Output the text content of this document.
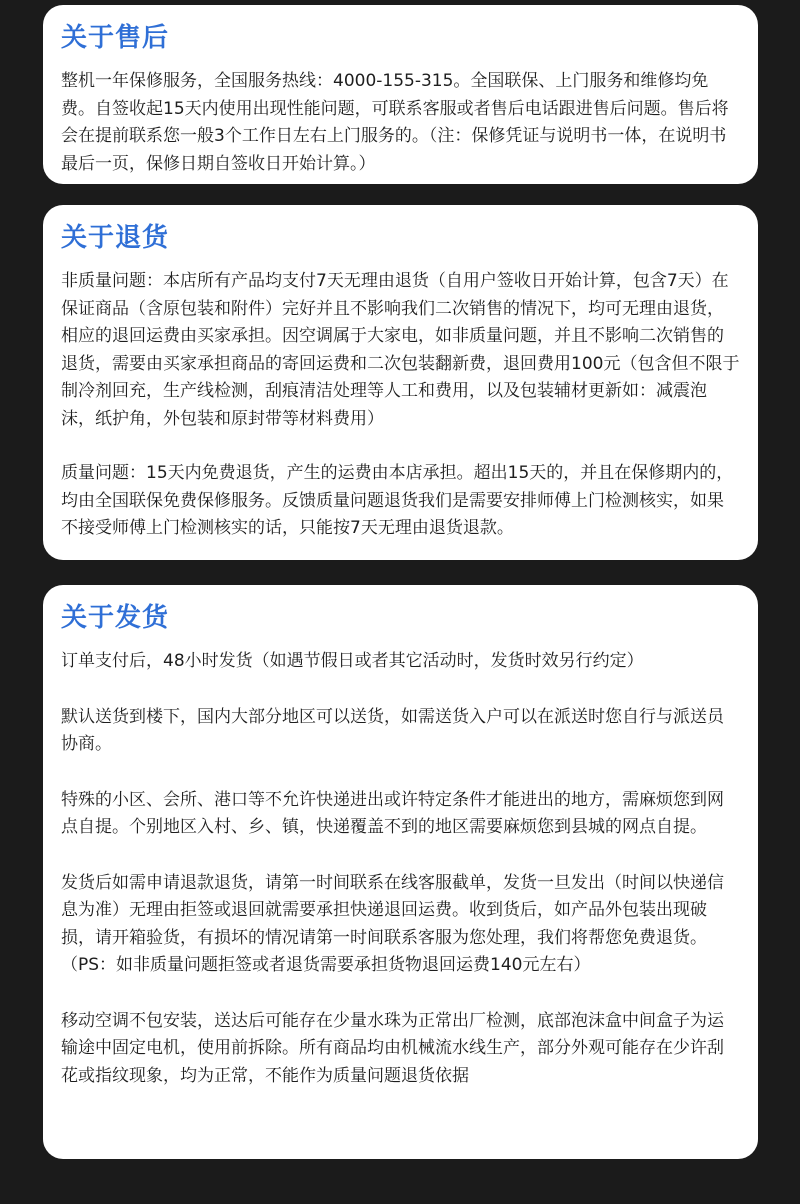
关于售后

整机一年保修服务，全国服务热线：4000-155-315。全国联保、上门服务和维修均免费。自签收起15天内使用出现性能问题，可联系客服或者售后电话跟进售后问题。售后将会在提前联系您一般3个工作日左右上门服务的。（注：保修凭证与说明书一体，在说明书最后一页，保修日期自签收日开始计算。）

关于退货

非质量问题：本店所有产品均支付7天无理由退货（自用户签收日开始计算，包含7天）在保证商品（含原包装和附件）完好并且不影响我们二次销售的情况下，均可无理由退货，相应的退回运费由买家承担。因空调属于大家电，如非质量问题，并且不影响二次销售的退货，需要由买家承担商品的寄回运费和二次包装翻新费，退回费用100元（包含但不限于制冷剂回充，生产线检测，刮痕清洁处理等人工和费用，以及包装辅材更新如：减震泡沫，纸护角，外包装和原封带等材料费用）

质量问题：15天内免费退货，产生的运费由本店承担。超出15天的，并且在保修期内的，均由全国联保免费保修服务。反馈质量问题退货我们是需要安排师傅上门检测核实，如果不接受师傅上门检测核实的话，只能按7天无理由退货退款。

关于发货

订单支付后，48小时发货（如遇节假日或者其它活动时，发货时效另行约定）

默认送货到楼下，国内大部分地区可以送货，如需送货入户可以在派送时您自行与派送员协商。

特殊的小区、会所、港口等不允许快递进出或许特定条件才能进出的地方，需麻烦您到网点自提。个别地区入村、乡、镇，快递覆盖不到的地区需要麻烦您到县城的网点自提。

发货后如需申请退款退货，请第一时间联系在线客服截单，发货一旦发出（时间以快递信息为准）无理由拒签或退回就需要承担快递退回运费。收到货后，如产品外包装出现破损，请开箱验货，有损坏的情况请第一时间联系客服为您处理，我们将帮您免费退货。（PS：如非质量问题拒签或者退货需要承担货物退回运费140元左右）

移动空调不包安装，送达后可能存在少量水珠为正常出厂检测，底部泡沫盒中间盒子为运输途中固定电机，使用前拆除。所有商品均由机械流水线生产，部分外观可能存在少许刮花或指纹现象，均为正常，不能作为质量问题退货依据
